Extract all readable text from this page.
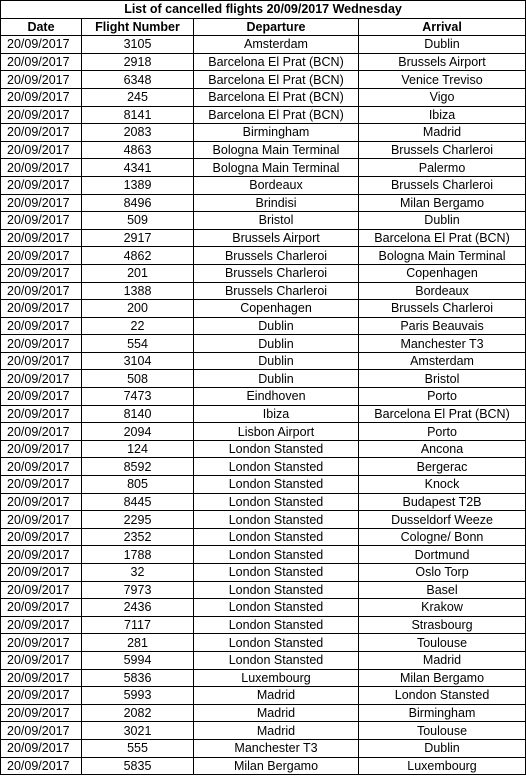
List of cancelled flights 20/09/2017 Wednesday			
Date	Flight Number	Departure	Arrival
20/09/2017	3105	Amsterdam	Dublin
20/09/2017	2918	Barcelona El Prat (BCN)	Brussels Airport
20/09/2017	6348	Barcelona El Prat (BCN)	Venice Treviso
20/09/2017	245	Barcelona El Prat (BCN)	Vigo
20/09/2017	8141	Barcelona El Prat (BCN)	Ibiza
20/09/2017	2083	Birmingham	Madrid
20/09/2017	4863	Bologna Main Terminal	Brussels Charleroi
20/09/2017	4341	Bologna Main Terminal	Palermo
20/09/2017	1389	Bordeaux	Brussels Charleroi
20/09/2017	8496	Brindisi	Milan Bergamo
20/09/2017	509	Bristol	Dublin
20/09/2017	2917	Brussels Airport	Barcelona El Prat (BCN)
20/09/2017	4862	Brussels Charleroi	Bologna Main Terminal
20/09/2017	201	Brussels Charleroi	Copenhagen
20/09/2017	1388	Brussels Charleroi	Bordeaux
20/09/2017	200	Copenhagen	Brussels Charleroi
20/09/2017	22	Dublin	Paris Beauvais
20/09/2017	554	Dublin	Manchester T3
20/09/2017	3104	Dublin	Amsterdam
20/09/2017	508	Dublin	Bristol
20/09/2017	7473	Eindhoven	Porto
20/09/2017	8140	Ibiza	Barcelona El Prat (BCN)
20/09/2017	2094	Lisbon Airport	Porto
20/09/2017	124	London Stansted	Ancona
20/09/2017	8592	London Stansted	Bergerac
20/09/2017	805	London Stansted	Knock
20/09/2017	8445	London Stansted	Budapest T2B
20/09/2017	2295	London Stansted	Dusseldorf Weeze
20/09/2017	2352	London Stansted	Cologne/ Bonn
20/09/2017	1788	London Stansted	Dortmund
20/09/2017	32	London Stansted	Oslo Torp
20/09/2017	7973	London Stansted	Basel
20/09/2017	2436	London Stansted	Krakow
20/09/2017	7117	London Stansted	Strasbourg
20/09/2017	281	London Stansted	Toulouse
20/09/2017	5994	London Stansted	Madrid
20/09/2017	5836	Luxembourg	Milan Bergamo
20/09/2017	5993	Madrid	London Stansted
20/09/2017	2082	Madrid	Birmingham
20/09/2017	3021	Madrid	Toulouse
20/09/2017	555	Manchester T3	Dublin
20/09/2017	5835	Milan Bergamo	Luxembourg
